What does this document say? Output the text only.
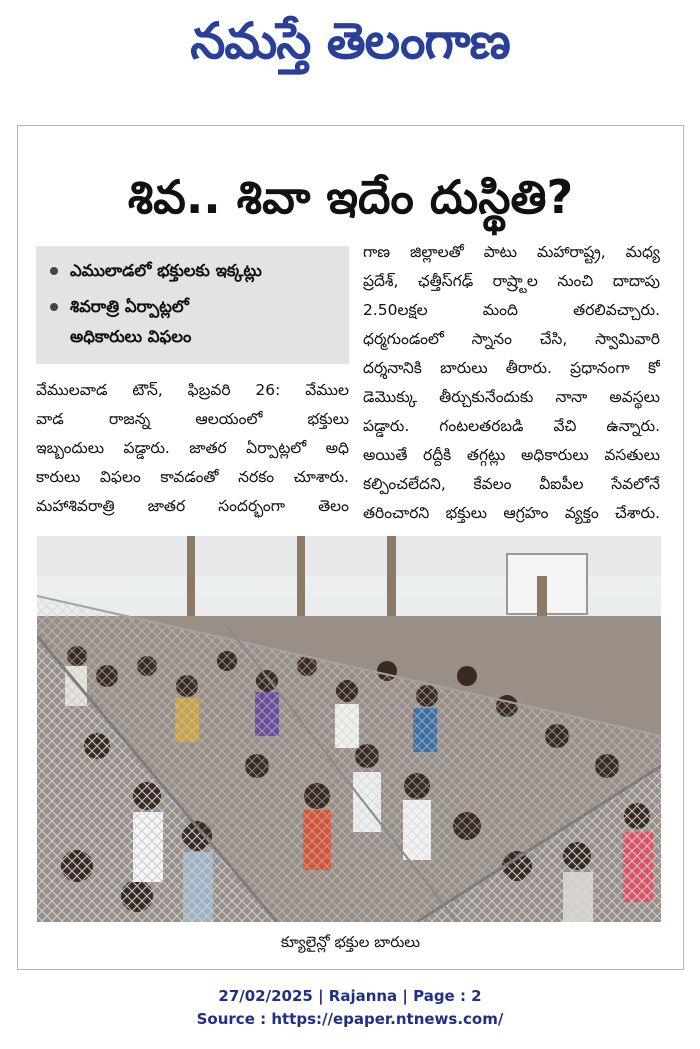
నమస్తే తెలంగాణ
శివ.. శివా ఇదేం దుస్థితి?
ఎములాడలో భక్తులకు ఇక్కట్లు
శివరాత్రి ఏర్పాట్లలో
అధికారులు విఫలం
వేములవాడ టౌన్‌, ఫిబ్రవరి 26: వేముల
వాడ రాజన్న ఆలయంలో భక్తులు
ఇబ్బందులు పడ్డారు. జాతర ఏర్పాట్లలో అధి
కారులు విఫలం కావడంతో నరకం చూశారు.
మహాశివరాత్రి జాతర సందర్భంగా తెలం
గాణ జిల్లాలతో పాటు మహారాష్ట్ర, మధ్య
ప్రదేశ్‌, ఛత్తీస్‌గఢ్‌ రాష్ర్టాల నుంచి దాదాపు
2.50లక్షల మంది తరలివచ్చారు.
ధర్మగుండంలో స్నానం చేసి, స్వామివారి
దర్శనానికి బారులు తీరారు. ప్రధానంగా కో
డెమొక్కు తీర్చుకునేందుకు నానా అవస్థలు
పడ్డారు. గంటలతరబడి వేచి ఉన్నారు.
అయితే రద్దీకి తగ్గట్లు అధికారులు వసతులు
కల్పించలేదని, కేవలం వీఐపీల సేవలోనే
తరించారని భక్తులు ఆగ్రహం వ్యక్తం చేశారు.
క్యూలైన్లో భక్తుల బారులు
27/02/2025 | Rajanna | Page : 2
Source : https://epaper.ntnews.com/
